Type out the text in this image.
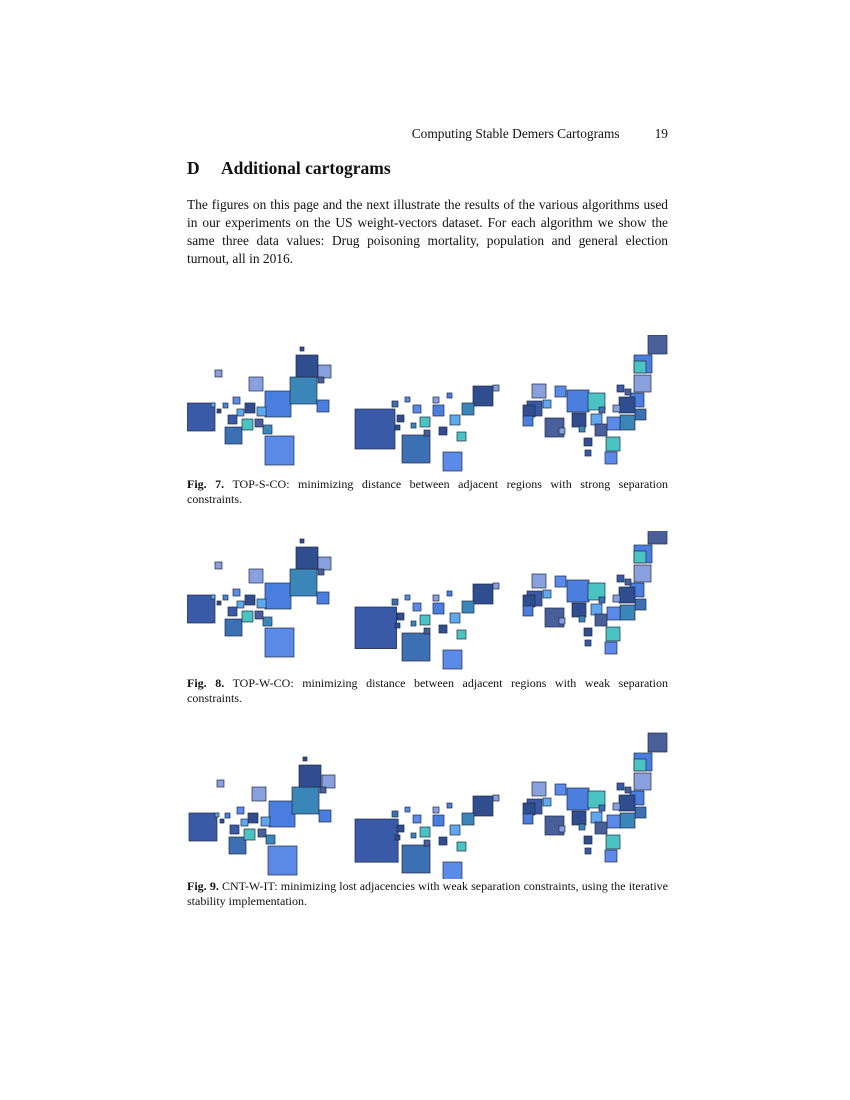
Computing Stable Demers Cartograms	19
D Additional cartograms

The figures on this page and the next illustrate the results of the various algorithms used in our experiments on the US weight-vectors dataset. For each algorithm we show the same three data values: Drug poisoning mortality, population and general election turnout, all in 2016.

Fig. 7. TOP-S-CO: minimizing distance between adjacent regions with strong separation constraints.

Fig. 8. TOP-W-CO: minimizing distance between adjacent regions with weak separation constraints.

Fig. 9. CNT-W-IT: minimizing lost adjacencies with weak separation constraints, using the iterative stability implementation.
